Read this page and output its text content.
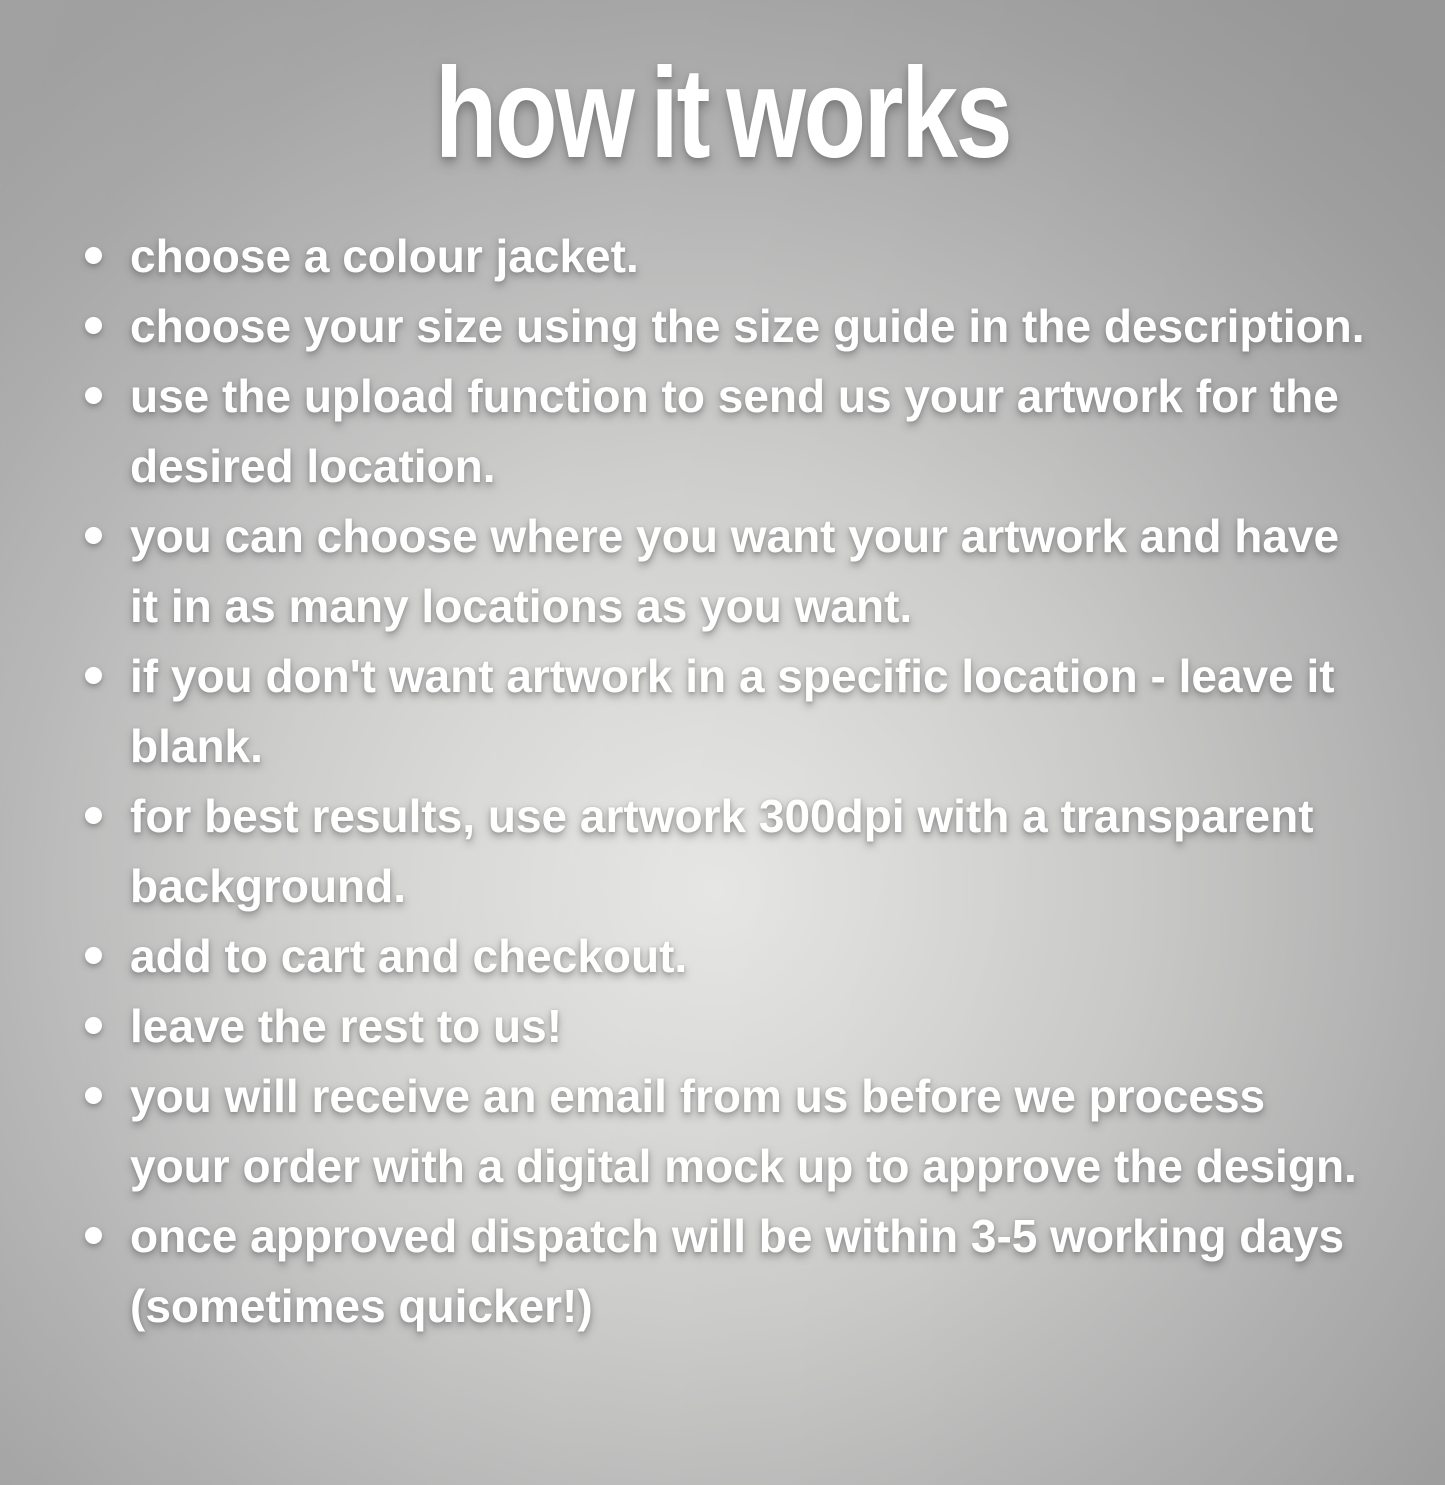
how it works
choose a colour jacket.
choose your size using the size guide in the description.
use the upload function to send us your artwork for the desired location.
you can choose where you want your artwork and have it in as many locations as you want.
if you don't want artwork in a specific location - leave it blank.
for best results, use artwork 300dpi with a transparent background.
add to cart and checkout.
leave the rest to us!
you will receive an email from us before we process your order with a digital mock up to approve the design.
once approved dispatch will be within 3-5 working days (sometimes quicker!)
